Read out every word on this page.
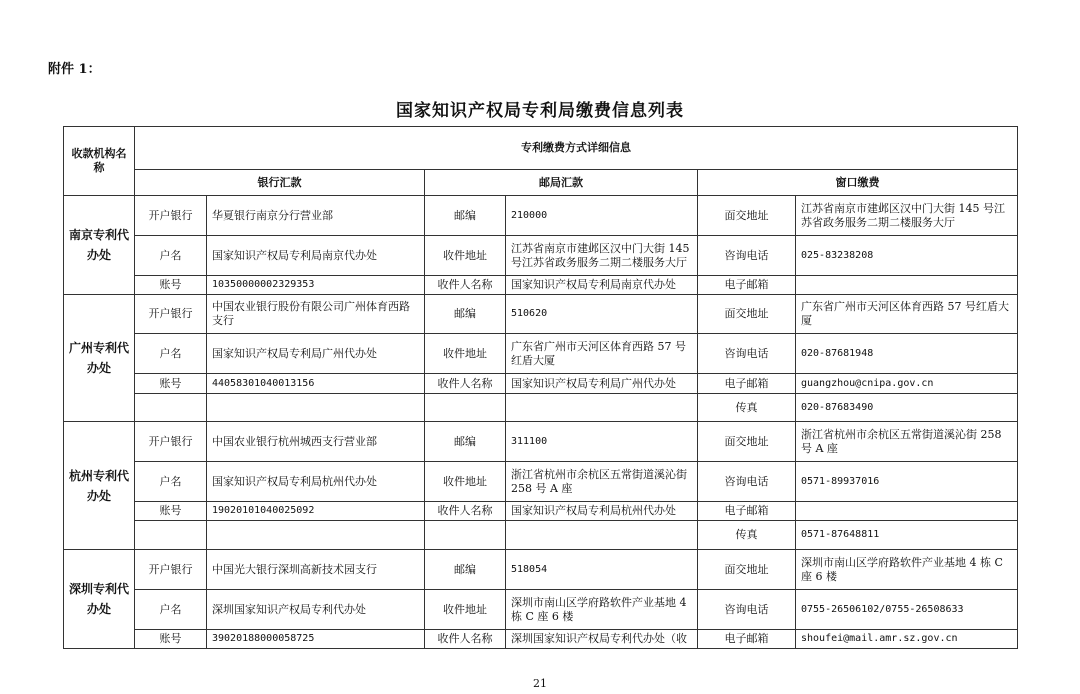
附件 1：
国家知识产权局专利局缴费信息列表
收款机构名称	专利缴费方式详细信息					
	银行汇款		邮局汇款		窗口缴费	
南京专利代办处	开户银行	华夏银行南京分行营业部	邮编	210000	面交地址	江苏省南京市建邺区汉中门大街 145 号江苏省政务服务二期二楼服务大厅
	户名	国家知识产权局专利局南京代办处	收件地址	江苏省南京市建邺区汉中门大街 145 号江苏省政务服务二期二楼服务大厅	咨询电话	025-83238208
	账号	10350000002329353	收件人名称	国家知识产权局专利局南京代办处	电子邮箱	
广州专利代办处	开户银行	中国农业银行股份有限公司广州体育西路支行	邮编	510620	面交地址	广东省广州市天河区体育西路 57 号红盾大厦
	户名	国家知识产权局专利局广州代办处	收件地址	广东省广州市天河区体育西路 57 号红盾大厦	咨询电话	020-87681948
	账号	44058301040013156	收件人名称	国家知识产权局专利局广州代办处	电子邮箱	guangzhou@cnipa.gov.cn
					传真	020-87683490
杭州专利代办处	开户银行	中国农业银行杭州城西支行营业部	邮编	311100	面交地址	浙江省杭州市余杭区五常街道溪沁街 258 号 A 座
	户名	国家知识产权局专利局杭州代办处	收件地址	浙江省杭州市余杭区五常街道溪沁街 258 号 A 座	咨询电话	0571-89937016
	账号	19020101040025092	收件人名称	国家知识产权局专利局杭州代办处	电子邮箱	
					传真	0571-87648811
深圳专利代办处	开户银行	中国光大银行深圳高新技术园支行	邮编	518054	面交地址	深圳市南山区学府路软件产业基地 4 栋 C 座 6 楼
	户名	深圳国家知识产权局专利代办处	收件地址	深圳市南山区学府路软件产业基地 4 栋 C 座 6 楼	咨询电话	0755-26506102/0755-26508633
	账号	39020188000058725	收件人名称	深圳国家知识产权局专利代办处（收	电子邮箱	shoufei@mail.amr.sz.gov.cn
21
